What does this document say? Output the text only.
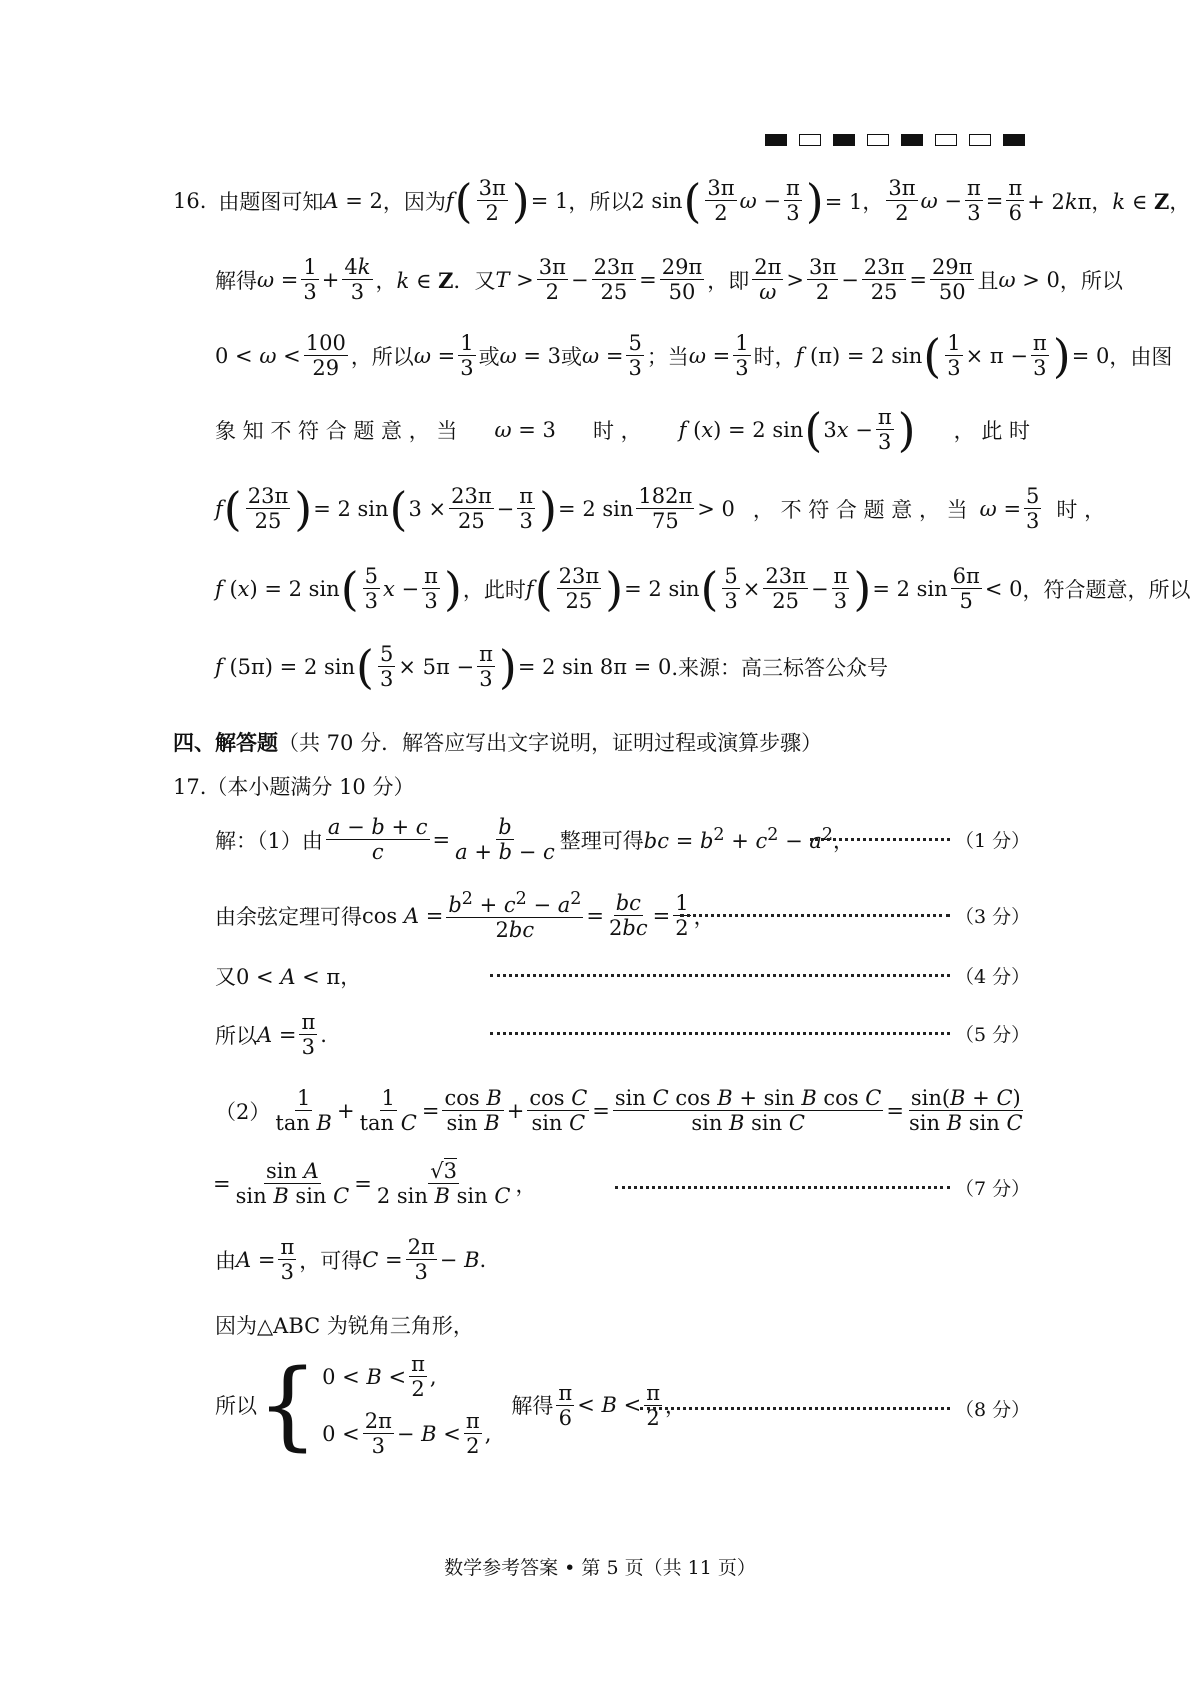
16. 由题图可知 A = 2 ，因为 f ( $\frac{3\pi}{2}$ ) = 1 ，所以 2 sin ( $\frac{3\pi}{2}$ $\omega - \frac{\pi}{3}$ ) = 1， $\frac{3\pi}{2}$ $\omega - \frac{\pi}{3} = \frac{\pi}{6} + 2k\pi$，k ∈ Z，
解得 $\omega = \frac{1}{3} + \frac{4k}{3}$ ，k ∈ Z． 又 $T > \frac{3\pi}{2} - \frac{23\pi}{25} = \frac{29\pi}{50}$ ，即 $\frac{2\pi}{\omega} > \frac{3\pi}{2} - \frac{23\pi}{25} = \frac{29\pi}{50}$ 且 ω > 0 ，所以
$0 < \omega < \frac{100}{29}$ ，所以 $\omega = \frac{1}{3}$ 或 ω = 3 或 $\omega = \frac{5}{3}$ ；当 $\omega = \frac{1}{3}$ 时， f (π) = 2 sin ( $\frac{1}{3} \times \pi - \frac{\pi}{3}$ ) = 0 ，由图
象 知 不 符 合 题 意 ， 当 ω = 3 时 ， f (x) = 2 sin ( $3x - \frac{\pi}{3}$ ) ， 此 时
f ( $\frac{23\pi}{25}$ ) = 2 sin ( $3 \times \frac{23\pi}{25} - \frac{\pi}{3}$ ) = 2 $\sin \frac{182\pi}{75} > 0$ ， 不 符 合 题 意 ， 当 $\omega = \frac{5}{3}$ 时 ，
f (x) = 2 sin ( $\frac{5}{3}$ $x - \frac{\pi}{3}$ ) ，此时 f ( $\frac{23\pi}{25}$ ) = 2 sin ( $\frac{5}{3} \times \frac{23\pi}{25} - \frac{\pi}{3}$ ) = 2 $\sin \frac{6\pi}{5} < 0$ ，符合题意，所以
f (5π) = 2 sin ( $\frac{5}{3} \times 5\pi - \frac{\pi}{3}$ ) = 2 sin 8π = 0 .来源：高三标答公众号
四、解答题（共 70 分．解答应写出文字说明，证明过程或演算步骤）
17.（本小题满分 10 分）
解：（1）由 $\frac{a - b + c}{c} = \frac{b}{a + b - c}$ 整理可得 bc = $b^2 + c^2 - a^2$，	（1 分）
由余弦定理可得 $\cos A = \frac{b^2 + c^2 - a^2}{2bc} = \frac{bc}{2bc} = \frac{1}{2}$ ，	（3 分）
又0 < A < π，	（4 分）
所以 $A = \frac{\pi}{3}$ .	（5 分）
$(2) \frac{1}{\text{tan B}} + \frac{1}{\text{tan C}} = \frac{\text{cos B}}{\text{sin B}} + \frac{\text{cos C}}{\text{sin C}} = \frac{\text{sin C cos B + sin B cos C}}{\text{sin B sin C}} = \frac{\sin(B + C)}{\text{sin B sin C}}$
= $\frac{\text{sin A}}{\text{sin B sin C}} = \frac{√3}{\text{2 sin B sin C}}$ ，	（7 分）
由 $A = \frac{\pi}{3}$ ，可得 $C = \frac{2\pi}{3} - B$.
因为△ABC 为锐角三角形，
所以 { $0 < B < \frac{\pi}{2}$ ,
$0 < \frac{2\pi}{3} - B < \frac{\pi}{2}$ ,
解得 $\frac{\pi}{6} < B < \frac{\pi}{2}$ ，	（8 分）
数学参考答案 • 第 5 页（共 11 页）
